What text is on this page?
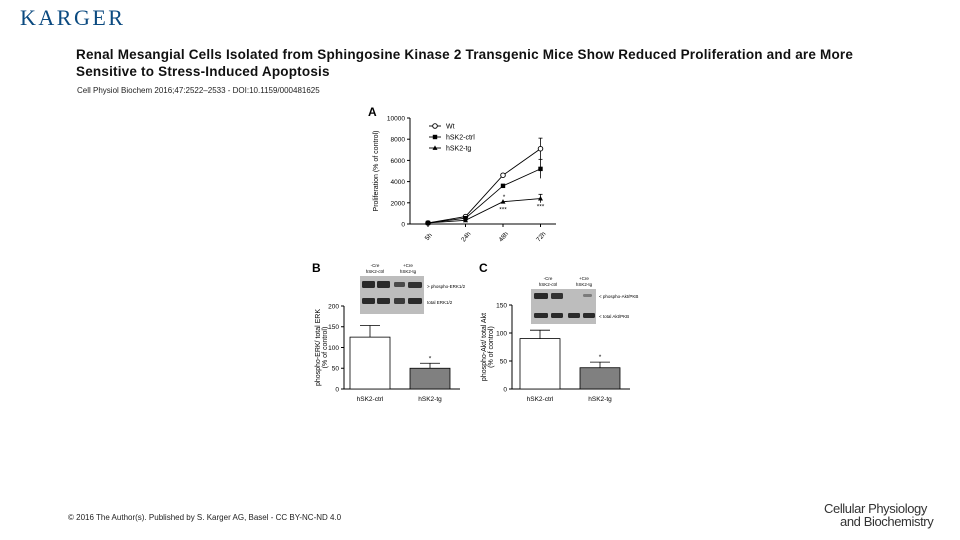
KARGER
Renal Mesangial Cells Isolated from Sphingosine Kinase 2 Transgenic Mice Show Reduced Proliferation and are More Sensitive to Stress-Induced Apoptosis
Cell Physiol Biochem 2016;47:2522–2533 - DOI:10.1159/000481625
A
0
2000
4000
6000
8000
10000
5h	24h	48h	72h
Proliferation (% of control)
Wt
hSK2-ctrl
hSK2-tg
*
***	***
B	-Cre
hSK2-ctrl
+Cre
hSK2-tg
> phospho-ERK1/2
total ERK1/2
0
50
100
150
200
phospho-ERK/ total ERK (% of control)
hSK2-ctrl
*
hSK2-tg
C
-Cre
hSK2-ctrl
+Cre
hSK2-tg
< phospho-Akt/PKB
< total Akt/PKB
0
50
100
150
phospho-Akt/ total Akt (% of control)
hSK2-ctrl
*
hSK2-tg
© 2016 The Author(s). Published by S. Karger AG, Basel - CC BY-NC-ND 4.0
Cellular Physiology
and Biochemistry
